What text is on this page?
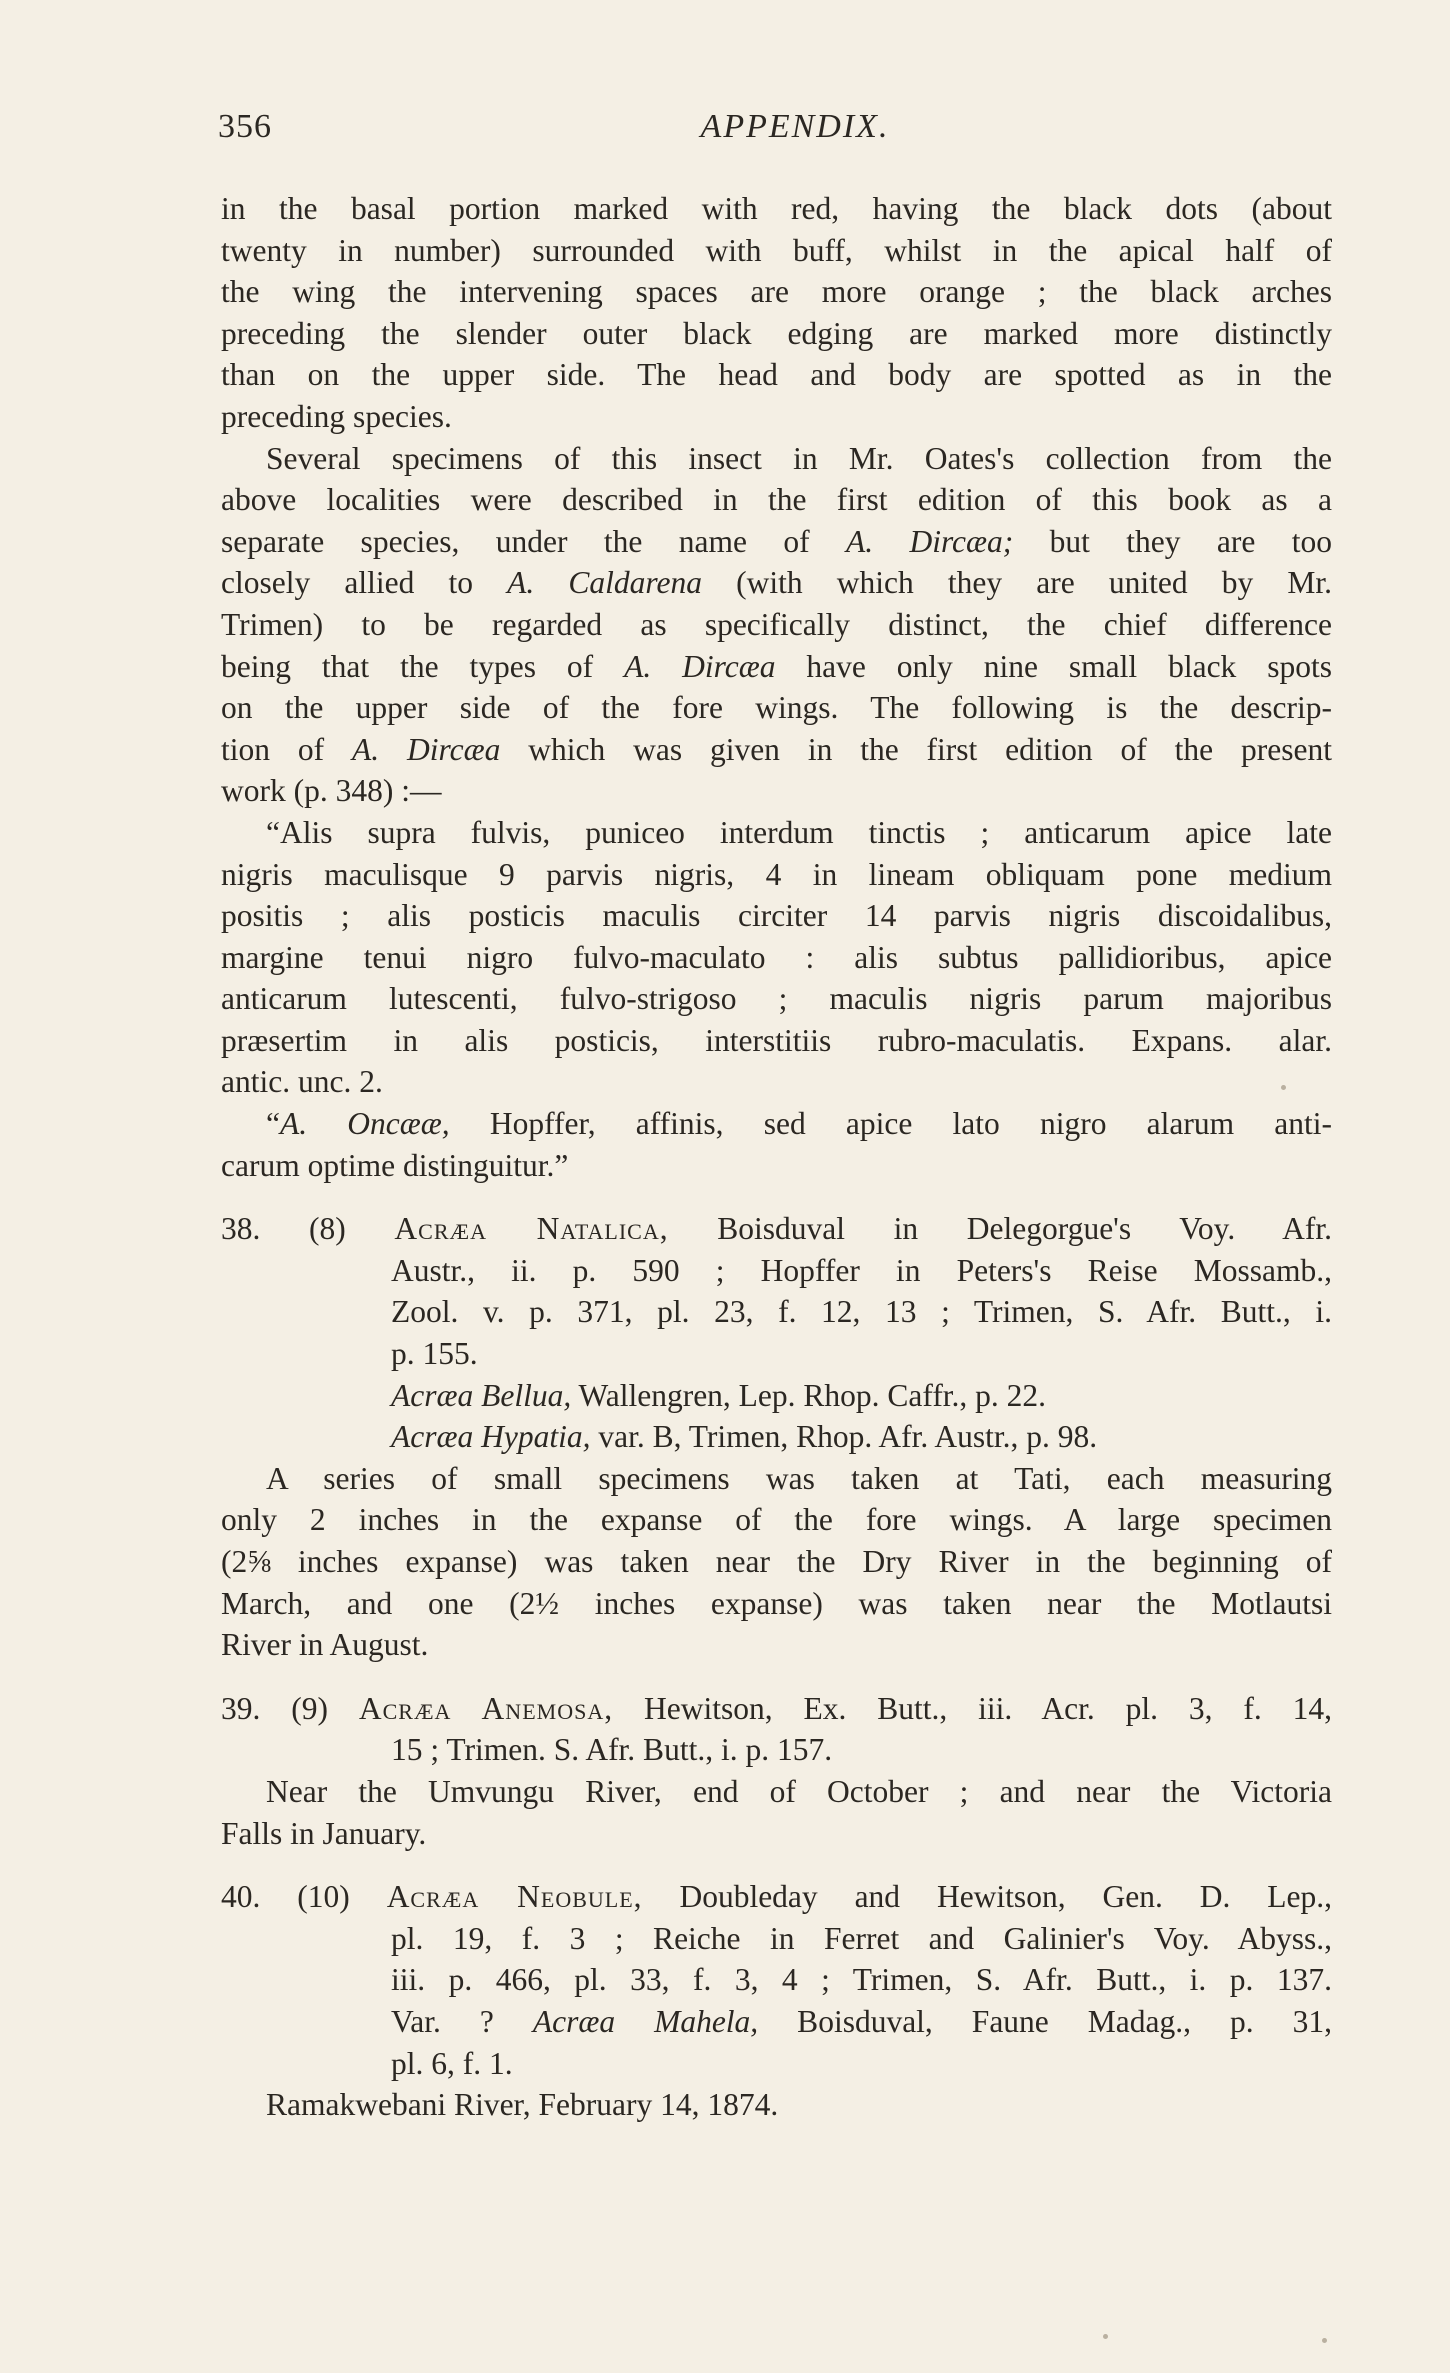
356	APPENDIX.
in the basal portion marked with red, having the black dots (about
twenty in number) surrounded with buff, whilst in the apical half of
the wing the intervening spaces are more orange ; the black arches
preceding the slender outer black edging are marked more distinctly
than on the upper side. The head and body are spotted as in the
preceding species.
Several specimens of this insect in Mr. Oates's collection from the
above localities were described in the first edition of this book as a
separate species, under the name of A. Dircæa; but they are too
closely allied to A. Caldarena (with which they are united by Mr.
Trimen) to be regarded as specifically distinct, the chief difference
being that the types of A. Dircæa have only nine small black spots
on the upper side of the fore wings. The following is the descrip-
tion of A. Dircæa which was given in the first edition of the present
work (p. 348) :—
“Alis supra fulvis, puniceo interdum tinctis ; anticarum apice late
nigris maculisque 9 parvis nigris, 4 in lineam obliquam pone medium
positis ; alis posticis maculis circiter 14 parvis nigris discoidalibus,
margine tenui nigro fulvo-maculato : alis subtus pallidioribus, apice
anticarum lutescenti, fulvo-strigoso ; maculis nigris parum majoribus
præsertim in alis posticis, interstitiis rubro-maculatis. Expans. alar.
antic. unc. 2.
“A. Oncææ, Hopffer, affinis, sed apice lato nigro alarum anti-
carum optime distinguitur.”
38. (8) Acræa Natalica, Boisduval in Delegorgue's Voy. Afr.
Austr., ii. p. 590 ; Hopffer in Peters's Reise Mossamb.,
Zool. v. p. 371, pl. 23, f. 12, 13 ; Trimen, S. Afr. Butt., i.
p. 155.
Acræa Bellua, Wallengren, Lep. Rhop. Caffr., p. 22.
Acræa Hypatia, var. B, Trimen, Rhop. Afr. Austr., p. 98.
A series of small specimens was taken at Tati, each measuring
only 2 inches in the expanse of the fore wings. A large specimen
(2⅝ inches expanse) was taken near the Dry River in the beginning of
March, and one (2½ inches expanse) was taken near the Motlautsi
River in August.
39. (9) Acræa Anemosa, Hewitson, Ex. Butt., iii. Acr. pl. 3, f. 14,
15 ; Trimen. S. Afr. Butt., i. p. 157.
Near the Umvungu River, end of October ; and near the Victoria
Falls in January.
40. (10) Acræa Neobule, Doubleday and Hewitson, Gen. D. Lep.,
pl. 19, f. 3 ; Reiche in Ferret and Galinier's Voy. Abyss.,
iii. p. 466, pl. 33, f. 3, 4 ; Trimen, S. Afr. Butt., i. p. 137.
Var. ? Acræa Mahela, Boisduval, Faune Madag., p. 31,
pl. 6, f. 1.
Ramakwebani River, February 14, 1874.
